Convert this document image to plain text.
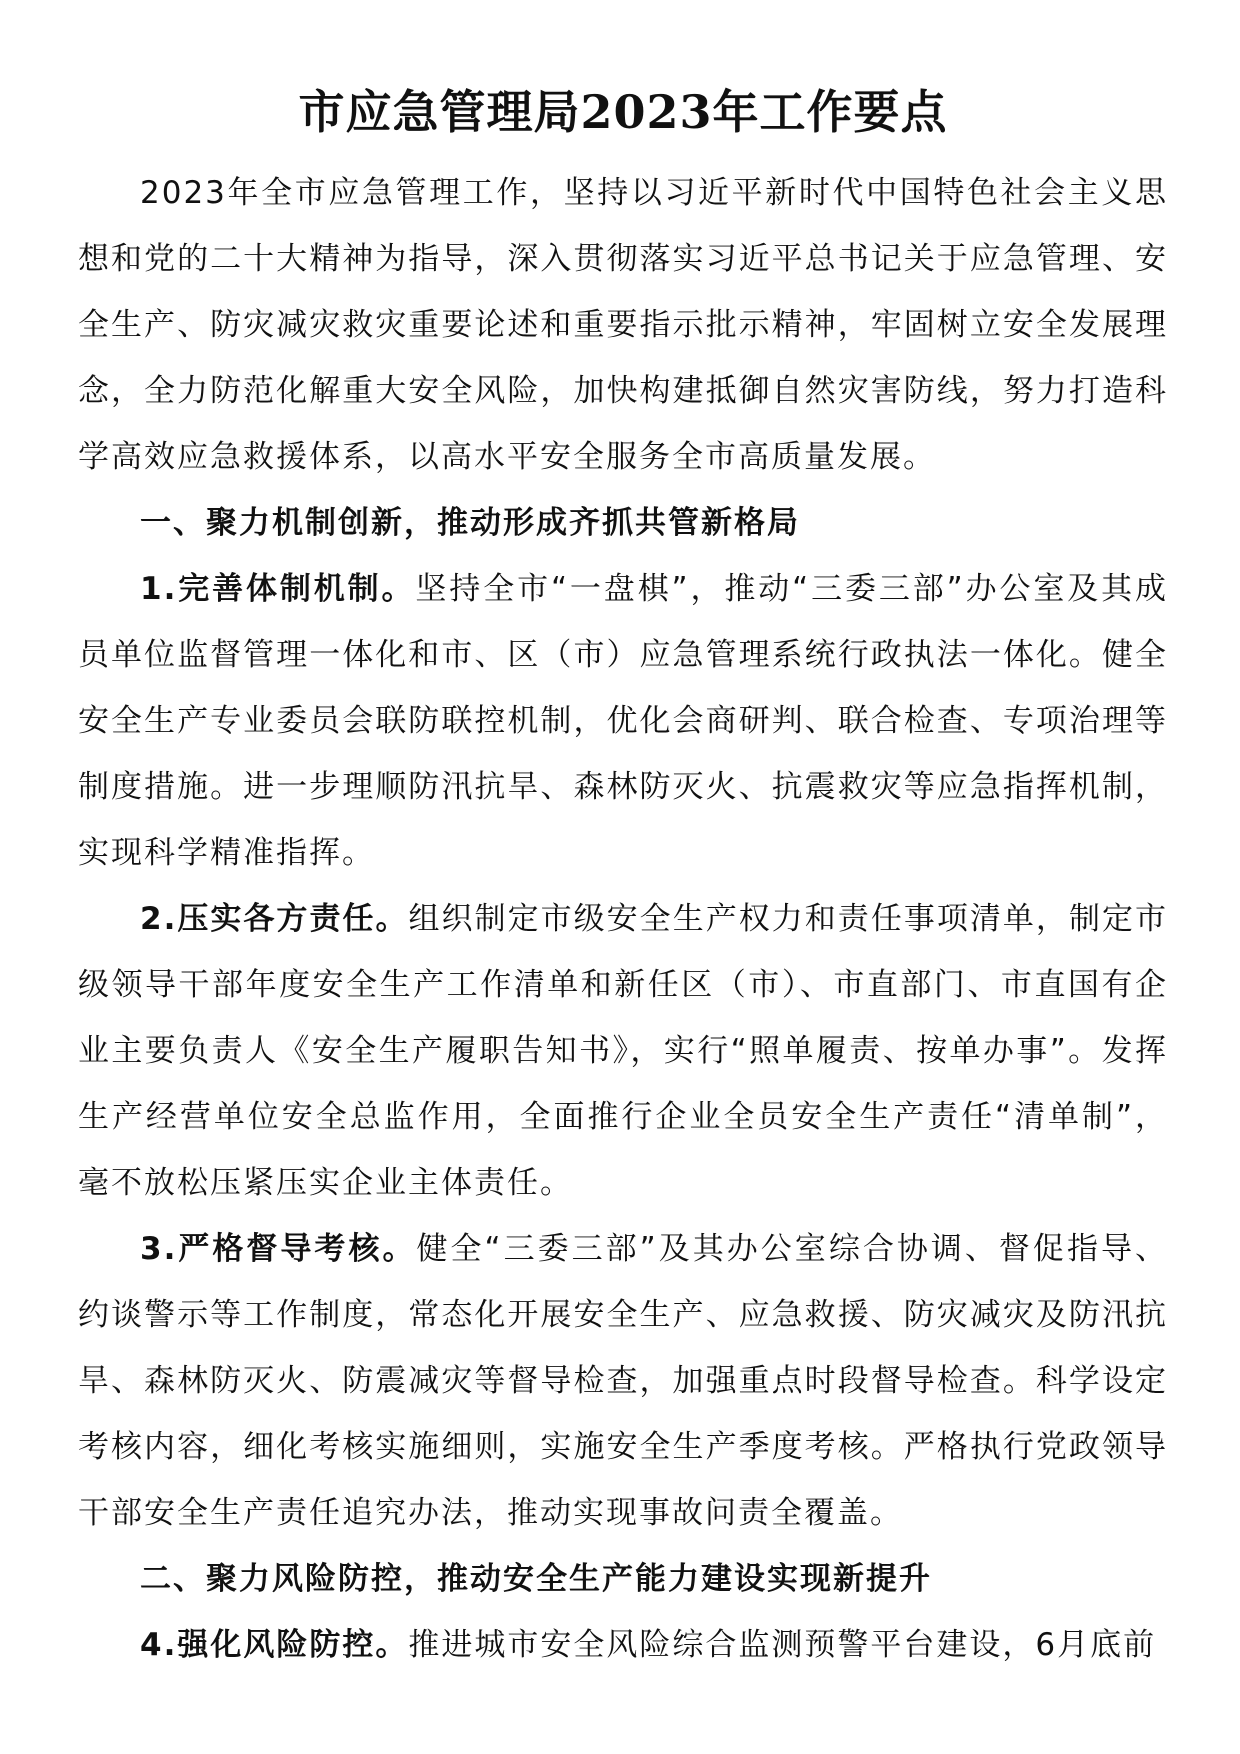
市应急管理局2023年工作要点

2023年全市应急管理工作，坚持以习近平新时代中国特色社会主义思想和党的二十大精神为指导，深入贯彻落实习近平总书记关于应急管理、安全生产、防灾减灾救灾重要论述和重要指示批示精神，牢固树立安全发展理念，全力防范化解重大安全风险，加快构建抵御自然灾害防线，努力打造科学高效应急救援体系，以高水平安全服务全市高质量发展。

一、聚力机制创新，推动形成齐抓共管新格局

1.完善体制机制。坚持全市“一盘棋”，推动“三委三部”办公室及其成员单位监督管理一体化和市、区（市）应急管理系统行政执法一体化。健全安全生产专业委员会联防联控机制，优化会商研判、联合检查、专项治理等制度措施。进一步理顺防汛抗旱、森林防灭火、抗震救灾等应急指挥机制，实现科学精准指挥。

2.压实各方责任。组织制定市级安全生产权力和责任事项清单，制定市级领导干部年度安全生产工作清单和新任区（市）、市直部门、市直国有企业主要负责人《安全生产履职告知书》，实行“照单履责、按单办事”。发挥生产经营单位安全总监作用，全面推行企业全员安全生产责任“清单制”，毫不放松压紧压实企业主体责任。

3.严格督导考核。健全“三委三部”及其办公室综合协调、督促指导、约谈警示等工作制度，常态化开展安全生产、应急救援、防灾减灾及防汛抗旱、森林防灭火、防震减灾等督导检查，加强重点时段督导检查。科学设定考核内容，细化考核实施细则，实施安全生产季度考核。严格执行党政领导干部安全生产责任追究办法，推动实现事故问责全覆盖。

二、聚力风险防控，推动安全生产能力建设实现新提升

4.强化风险防控。推进城市安全风险综合监测预警平台建设，6月底前
